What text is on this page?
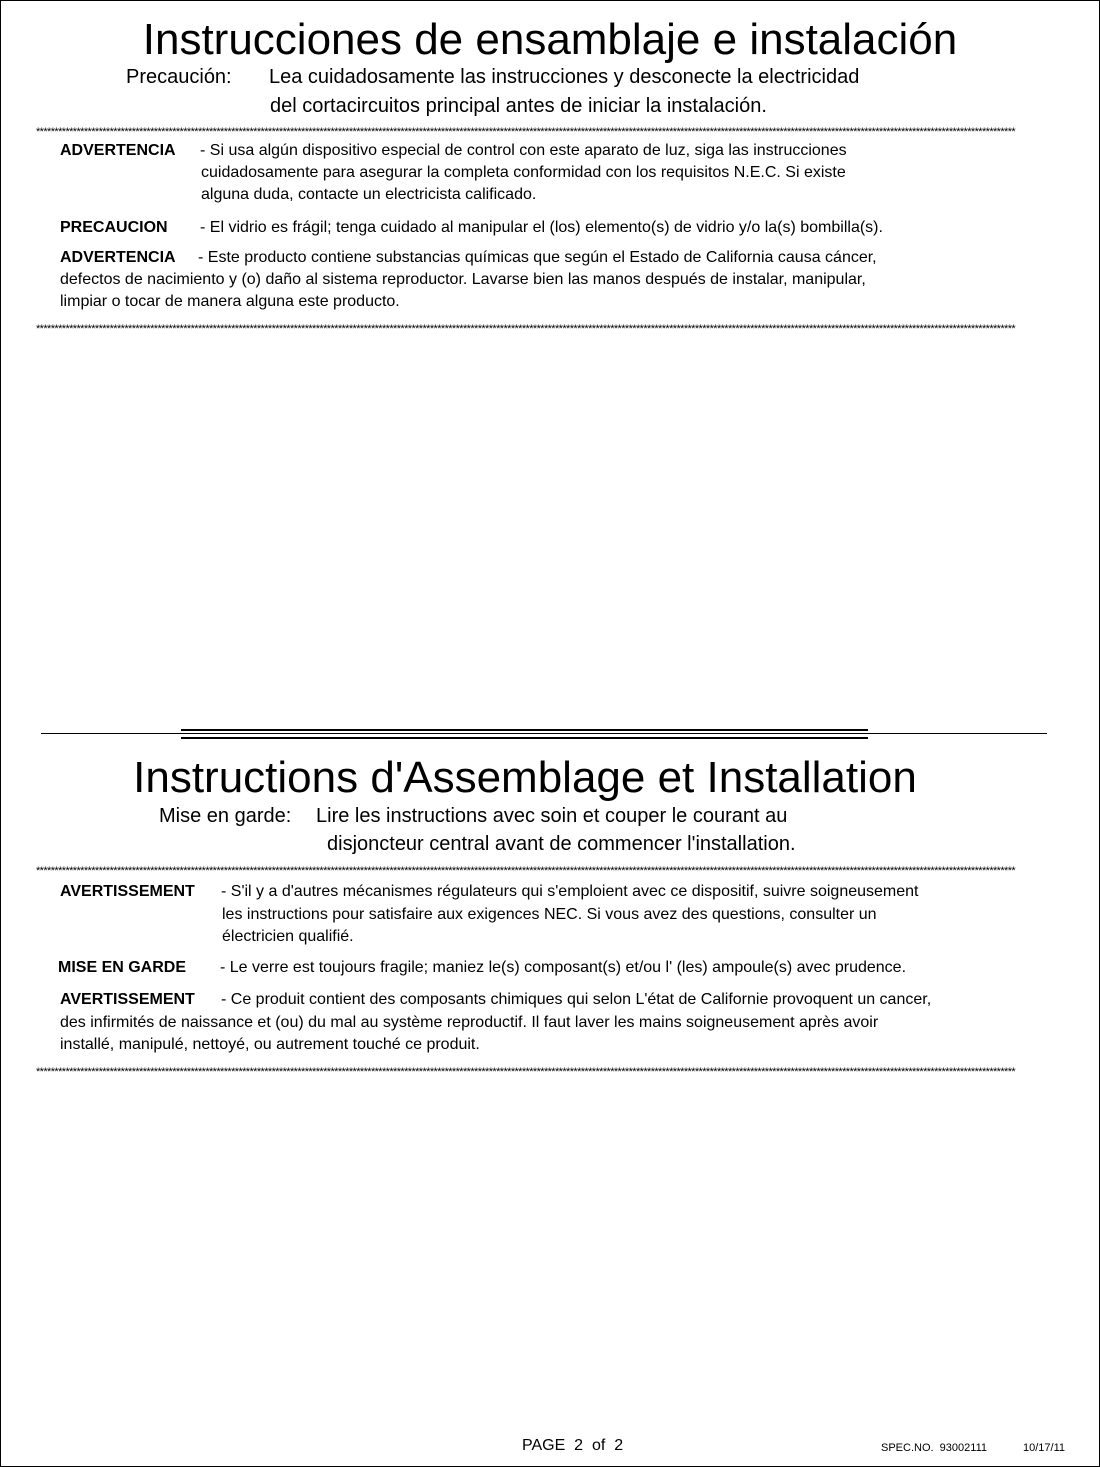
Instrucciones de ensamblaje e instalación
Precaución: Lea cuidadosamente las instrucciones y desconecte la electricidad
del cortacircuitos principal antes de iniciar la instalación.
**************************************************************************************************************************************************************************************************************************************************************************
ADVERTENCIA - Si usa algún dispositivo especial de control con este aparato de luz, siga las instrucciones
cuidadosamente para asegurar la completa conformidad con los requisitos N.E.C. Si existe
alguna duda, contacte un electricista calificado.
PRECAUCION - El vidrio es frágil; tenga cuidado al manipular el (los) elemento(s) de vidrio y/o la(s) bombilla(s).
ADVERTENCIA - Este producto contiene substancias químicas que según el Estado de California causa cáncer,
defectos de nacimiento y (o) daño al sistema reproductor. Lavarse bien las manos después de instalar, manipular,
limpiar o tocar de manera alguna este producto.
**************************************************************************************************************************************************************************************************************************************************************************
Instructions d'Assemblage et Installation
Mise en garde: Lire les instructions avec soin et couper le courant au
disjoncteur central avant de commencer l'installation.
**************************************************************************************************************************************************************************************************************************************************************************
AVERTISSEMENT - S'il y a d'autres mécanismes régulateurs qui s'emploient avec ce dispositif, suivre soigneusement
les instructions pour satisfaire aux exigences NEC. Si vous avez des questions, consulter un
électricien qualifié.
MISE EN GARDE - Le verre est toujours fragile; maniez le(s) composant(s) et/ou l' (les) ampoule(s) avec prudence.
AVERTISSEMENT - Ce produit contient des composants chimiques qui selon L'état de Californie provoquent un cancer,
des infirmités de naissance et (ou) du mal au système reproductif. Il faut laver les mains soigneusement après avoir
installé, manipulé, nettoyé, ou autrement touché ce produit.
**************************************************************************************************************************************************************************************************************************************************************************
PAGE  2  of  2	SPEC.NO.  93002111	10/17/11
